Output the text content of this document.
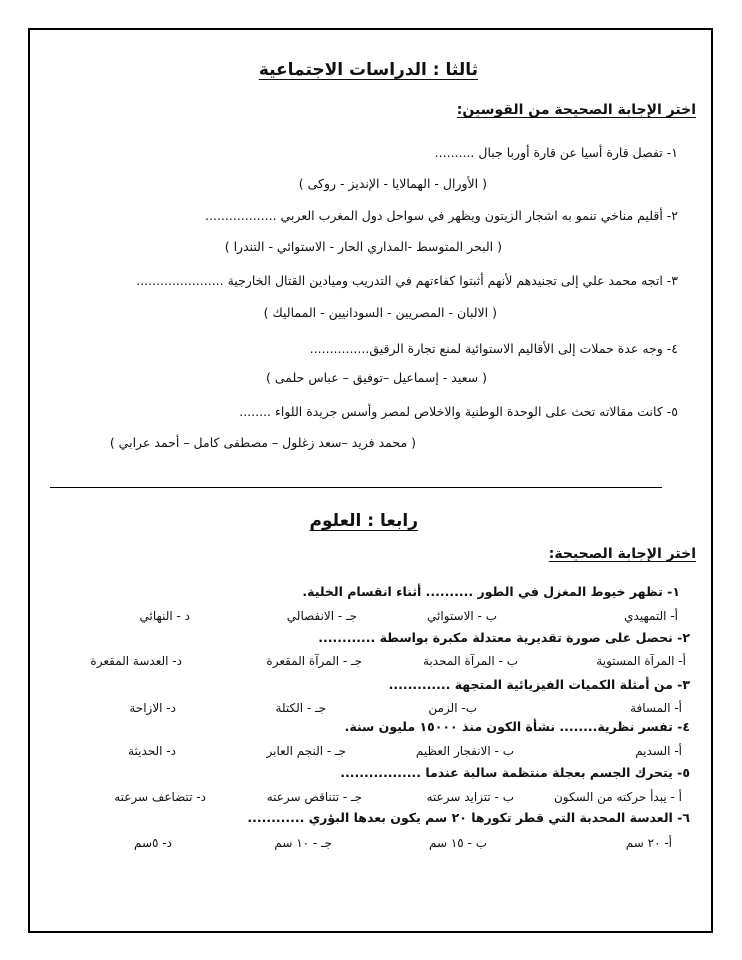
ثالثا : الدراسات الاجتماعية
اختر الإجابة الصحيحة من القوسين:
١- تفصل قارة أسيا عن قارة أوربا جبال ..........
( الأورال - الهمالايا - الإنديز - روكى )
٢- أقليم مناخي تنمو به اشجار الزيتون ويظهر في سواحل دول المغرب العربي ..................
( البحر المتوسط -المداري الحار - الاستوائي - التندرا )
٣- اتجه محمد علي إلى تجنيدهم لأنهم أثبتوا كفاءتهم في التدريب وميادين القتال الخارجية ......................
( الالبان - المصريين - السودانيين - المماليك )
٤- وجه عدة حملات إلى الأقاليم الاستوائية لمنع تجارة الرقيق...............
( سعيد - إسماعيل –توفيق – عباس حلمى )
٥- كانت مقالاته تحث على الوحدة الوطنية والاخلاص لمصر وأسس جريدة اللواء ........
( محمد فريد –سعد زغلول – مصطفى كامل – أحمد عرابي )
رابعا : العلوم
اختر الإجابة الصحيحة:
١- تظهر خيوط المغزل في الطور .......... أثناء انقسام الخلية.
أ- التمهيدي
ب - الاستوائي
جـ - الانفصالي
د - النهائي
٢- نحصل على صورة تقديرية معتدلة مكبرة بواسطة ............
أ- المرآة المستوية
ب - المرآة المحدبة
جـ - المرآة المقعرة
د- العدسة المقعرة
٣- من أمثلة الكميات الفيزيائية المتجهة .............
أ- المسافة
ب- الزمن
جـ - الكتلة
د- الازاحة
٤- تفسر نظرية........ نشأة الكون منذ ١٥٠٠٠ مليون سنة.
أ- السديم
ب - الانفجار العظيم
جـ - النجم العابر
د- الحديثة
٥- يتحرك الجسم بعجلة منتظمة سالبة عندما .................
أ - يبدأ حركته من السكون
ب - تتزايد سرعته
جـ - تتناقص سرعته
د- تتضاعف سرعته
٦- العدسة المحدبة التي قطر تكورها ٢٠ سم يكون بعدها البؤري ............
أ- ٢٠ سم
ب - ١٥ سم
جـ - ١٠ سم
د- ٥سم
